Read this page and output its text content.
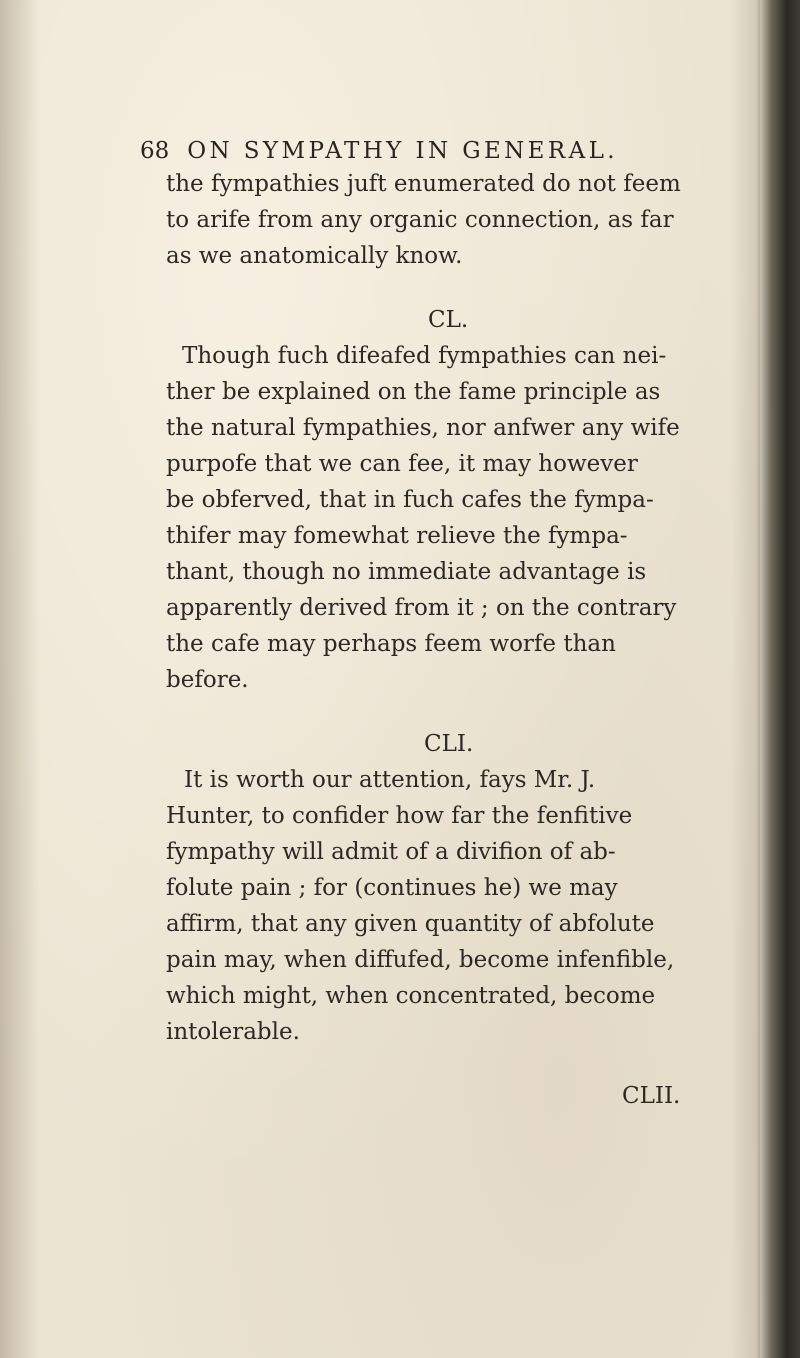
68 ON SYMPATHY IN GENERAL.
the fympathies juft enumerated do not feem
to arife from any organic connection, as far
as we anatomically know.
CL.
Though fuch difeafed fympathies can nei-
ther be explained on the fame principle as
the natural fympathies, nor anfwer any wife
purpofe that we can fee, it may however
be obferved, that in fuch cafes the fympa-
thifer may fomewhat relieve the fympa-
thant, though no immediate advantage is
apparently derived from it ; on the contrary
the cafe may perhaps feem worfe than
before.
CLI.
It is worth our attention, fays Mr. J.
Hunter, to confider how far the fenfitive
fympathy will admit of a divifion of ab-
folute pain ; for (continues he) we may
affirm, that any given quantity of abfolute
pain may, when diffufed, become infenfible,
which might, when concentrated, become
intolerable.
CLII.
